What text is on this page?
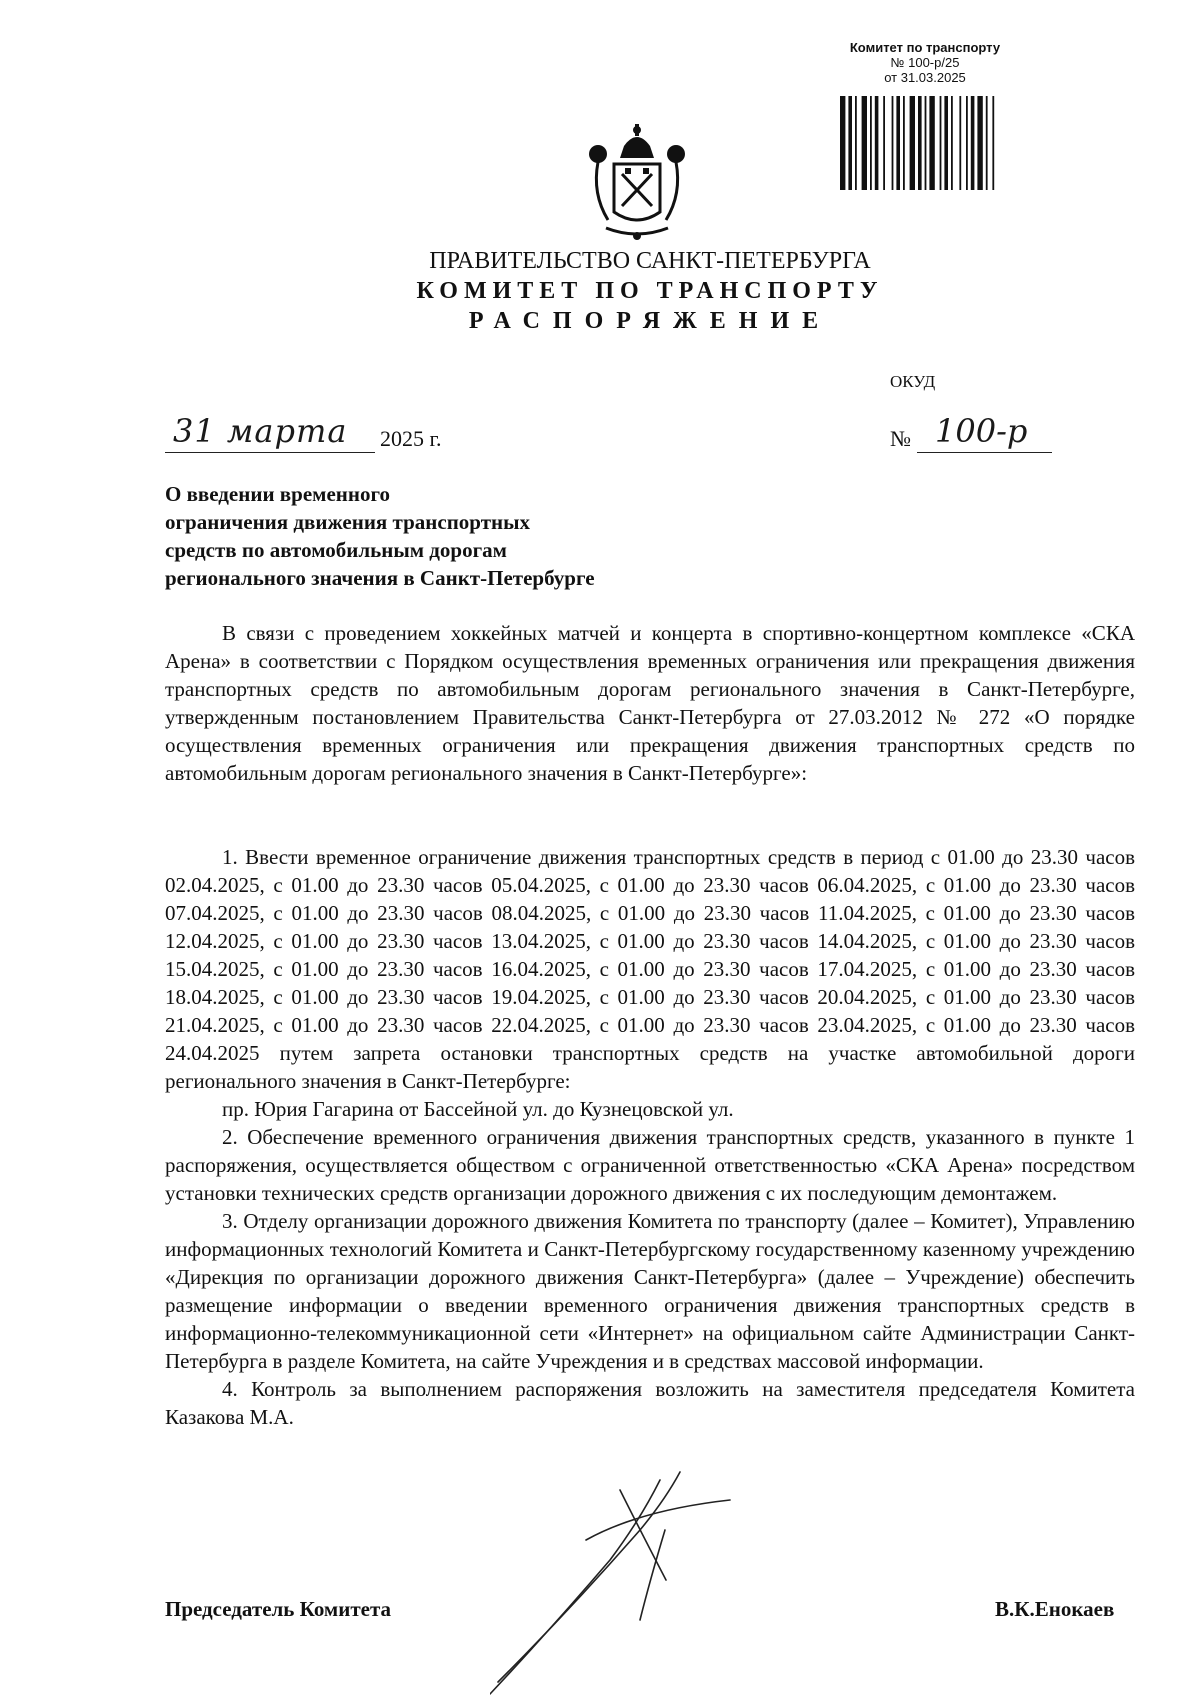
Комитет по транспорту
№ 100-р/25
от 31.03.2025
ПРАВИТЕЛЬСТВО САНКТ-ПЕТЕРБУРГА
КОМИТЕТ ПО ТРАНСПОРТУ
РАСПОРЯЖЕНИЕ
ОКУД
31 марта 2025 г.	№ 100-р
О введении временного
ограничения движения транспортных
средств по автомобильным дорогам
регионального значения в Санкт-Петербурге

В связи с проведением хоккейных матчей и концерта в спортивно-концертном комплексе «СКА Арена» в соответствии с Порядком осуществления временных ограничения или прекращения движения транспортных средств по автомобильным дорогам регионального значения в Санкт-Петербурге, утвержденным постановлением Правительства Санкт-Петербурга от 27.03.2012 № 272 «О порядке осуществления временных ограничения или прекращения движения транспортных средств по автомобильным дорогам регионального значения в Санкт-Петербурге»:

1. Ввести временное ограничение движения транспортных средств в период с 01.00 до 23.30 часов 02.04.2025, с 01.00 до 23.30 часов 05.04.2025, с 01.00 до 23.30 часов 06.04.2025, с 01.00 до 23.30 часов 07.04.2025, с 01.00 до 23.30 часов 08.04.2025, с 01.00 до 23.30 часов 11.04.2025, с 01.00 до 23.30 часов 12.04.2025, с 01.00 до 23.30 часов 13.04.2025, с 01.00 до 23.30 часов 14.04.2025, с 01.00 до 23.30 часов 15.04.2025, с 01.00 до 23.30 часов 16.04.2025, с 01.00 до 23.30 часов 17.04.2025, с 01.00 до 23.30 часов 18.04.2025, с 01.00 до 23.30 часов 19.04.2025, с 01.00 до 23.30 часов 20.04.2025, с 01.00 до 23.30 часов 21.04.2025, с 01.00 до 23.30 часов 22.04.2025, с 01.00 до 23.30 часов 23.04.2025, с 01.00 до 23.30 часов 24.04.2025 путем запрета остановки транспортных средств на участке автомобильной дороги регионального значения в Санкт-Петербурге:

пр. Юрия Гагарина от Бассейной ул. до Кузнецовской ул.

2. Обеспечение временного ограничения движения транспортных средств, указанного в пункте 1 распоряжения, осуществляется обществом с ограниченной ответственностью «СКА Арена» посредством установки технических средств организации дорожного движения с их последующим демонтажем.

3. Отделу организации дорожного движения Комитета по транспорту (далее – Комитет), Управлению информационных технологий Комитета и Санкт-Петербургскому государственному казенному учреждению «Дирекция по организации дорожного движения Санкт-Петербурга» (далее – Учреждение) обеспечить размещение информации о введении временного ограничения движения транспортных средств в информационно-телекоммуникационной сети «Интернет» на официальном сайте Администрации Санкт-Петербурга в разделе Комитета, на сайте Учреждения и в средствах массовой информации.

4. Контроль за выполнением распоряжения возложить на заместителя председателя Комитета Казакова М.А.

Председатель Комитета	В.К.Енокаев
